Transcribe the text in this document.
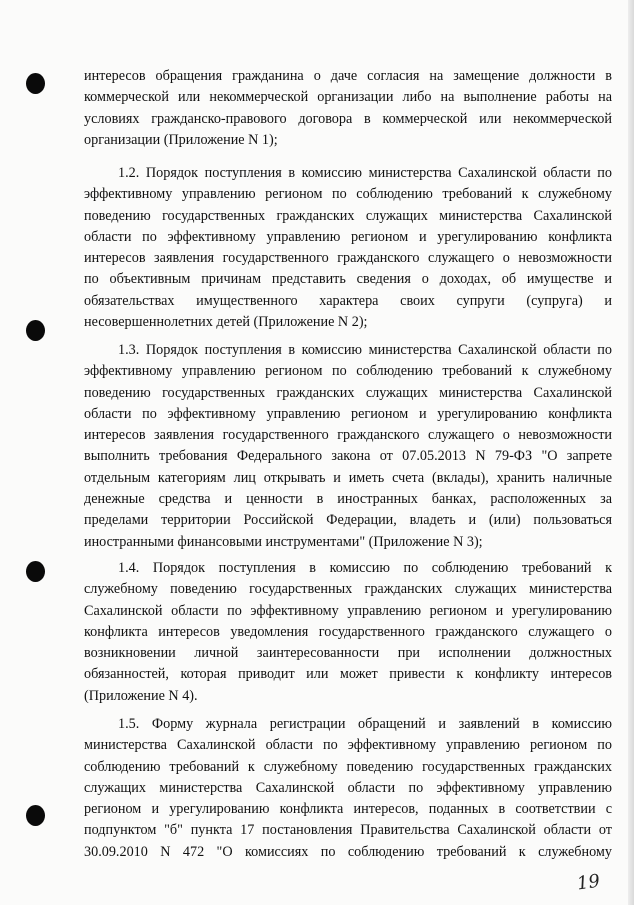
интересов обращения гражданина о даче согласия на замещение должности в
коммерческой или некоммерческой организации либо на выполнение работы на
условиях гражданско-правового договора в коммерческой или некоммерческой
организации (Приложение N 1);
1.2. Порядок поступления в комиссию министерства Сахалинской области по
эффективному управлению регионом по соблюдению требований к служебному
поведению государственных гражданских служащих министерства Сахалинской
области по эффективному управлению регионом и урегулированию конфликта
интересов заявления государственного гражданского служащего о невозможности
по объективным причинам представить сведения о доходах, об имуществе и
обязательствах имущественного характера своих супруги (супруга) и
несовершеннолетних детей (Приложение N 2);
1.3. Порядок поступления в комиссию министерства Сахалинской области по
эффективному управлению регионом по соблюдению требований к служебному
поведению государственных гражданских служащих министерства Сахалинской
области по эффективному управлению регионом и урегулированию конфликта
интересов заявления государственного гражданского служащего о невозможности
выполнить требования Федерального закона от 07.05.2013 N 79-ФЗ "О запрете
отдельным категориям лиц открывать и иметь счета (вклады), хранить наличные
денежные средства и ценности в иностранных банках, расположенных за
пределами территории Российской Федерации, владеть и (или) пользоваться
иностранными финансовыми инструментами" (Приложение N 3);
1.4. Порядок поступления в комиссию по соблюдению требований к
служебному поведению государственных гражданских служащих министерства
Сахалинской области по эффективному управлению регионом и урегулированию
конфликта интересов уведомления государственного гражданского служащего о
возникновении личной заинтересованности при исполнении должностных
обязанностей, которая приводит или может привести к конфликту интересов
(Приложение N 4).
1.5. Форму журнала регистрации обращений и заявлений в комиссию
министерства Сахалинской области по эффективному управлению регионом по
соблюдению требований к служебному поведению государственных гражданских
служащих министерства Сахалинской области по эффективному управлению
регионом и урегулированию конфликта интересов, поданных в соответствии с
подпунктом "б" пункта 17 постановления Правительства Сахалинской области от
30.09.2010 N 472 "О комиссиях по соблюдению требований к служебному
19
